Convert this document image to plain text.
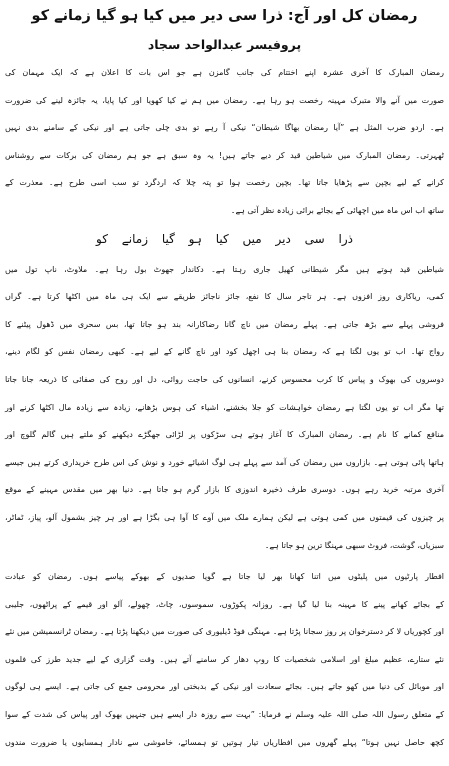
رمضان کل اور آج: ذرا سی دیر میں کیا ہو گیا زمانے کو
پروفیسر عبدالواحد سجاد
رمضان المبارک کا آخری عشرہ اپنے اختتام کی جانب گامزن ہے جو اس بات کا اعلان ہے کہ ایک مہمان کی
صورت میں آنے والا متبرک مہینہ رخصت ہو رہا ہے۔ رمضان میں ہم نے کیا کھویا اور کیا پایا، یہ جائزہ لینے کی ضرورت
ہے۔ اردو ضرب المثل ہے ”آیا رمضان بھاگا شیطان“ نیکی آ رہے تو بدی چلی جاتی ہے اور نیکی کے سامنے بدی نہیں
ٹھہرتی۔ رمضان المبارک میں شیاطین قید کر دیے جاتے ہیں! یہ وہ سبق ہے جو ہم رمضان کی برکات سے روشناس
کرانے کے لیے بچپن سے پڑھایا جاتا تھا۔ بچپن رخصت ہوا تو پتہ چلا کہ اردگرد تو سب اسی طرح ہے۔ معذرت کے
ساتھ اب اس ماہ میں اچھائی کے بجائے برائی زیادہ نظر آتی ہے۔
ذرا سی دیر میں کیا ہو گیا زمانے کو
شیاطین قید ہوتے ہیں مگر شیطانی کھیل جاری رہتا ہے۔ دکاندار جھوٹ بول رہا ہے۔ ملاوٹ، ناپ تول میں
کمی، ریاکاری روز افزوں ہے۔ ہر تاجر سال کا نفع، جائز ناجائز طریقے سے ایک ہی ماہ میں اکٹھا کرتا ہے۔ گراں
فروشی پہلے سے بڑھ جاتی ہے۔ پہلے رمضان میں ناچ گانا رضاکارانہ بند ہو جاتا تھا، بس سحری میں ڈھول پیٹنے کا
رواج تھا۔ اب تو یوں لگتا ہے کہ رمضان بنا ہی اچھل کود اور ناچ گانے کے لیے ہے۔ کبھی رمضان نفس کو لگام دینے،
دوسروں کی بھوک و پیاس کا کرب محسوس کرنے، انسانوں کی حاجت روائی، دل اور روح کی صفائی کا ذریعہ جانا جاتا
تھا مگر اب تو یوں لگتا ہے رمضان خواہشات کو جلا بخشنے، اشیاء کی ہوس بڑھانے، زیادہ سے زیادہ مال اکٹھا کرنے اور
منافع کمانے کا نام ہے۔ رمضان المبارک کا آغاز ہوتے ہی سڑکوں پر لڑائی جھگڑے دیکھنے کو ملتے ہیں گالم گلوچ اور
ہاتھا پائی ہوتی ہے۔ بازاروں میں رمضان کی آمد سے پہلے ہی لوگ اشیائے خورد و نوش کی اس طرح خریداری کرتے ہیں جیسے
آخری مرتبہ خرید رہے ہوں۔ دوسری طرف ذخیرہ اندوزی کا بازار گرم ہو جاتا ہے۔ دنیا بھر میں مقدس مہینے کے موقع
پر چیزوں کی قیمتوں میں کمی ہوتی ہے لیکن ہمارے ملک میں آوے کا آوا ہی بگڑا ہے اور ہر چیز بشمول آلو، پیاز، ٹماٹر،
سبزیاں، گوشت، فروٹ سبھی مہنگا ترین ہو جاتا ہے۔
افطار پارٹیوں میں پلیٹوں میں اتنا کھانا بھر لیا جاتا ہے گویا صدیوں کے بھوکے پیاسے ہوں۔ رمضان کو عبادت
کے بجائے کھانے پینے کا مہینہ بنا لیا گیا ہے۔ روزانہ پکوڑوں، سموسوں، چاٹ، چھولے، آلو اور قیمے کے پراٹھوں، جلیبی
اور کچوریاں لا کر دسترخوان پر روز سجانا پڑتا ہے۔ مہنگی فوڈ ڈیلیوری کی صورت میں دیکھنا پڑتا ہے۔ رمضان ٹرانسمیشن میں نئے
نئے ستارے، عظیم مبلغ اور اسلامی شخصیات کا روپ دھار کر سامنے آتے ہیں۔ وقت گزاری کے لیے جدید طرز کی فلموں
اور موبائل کی دنیا میں کھو جاتے ہیں۔ بجائے سعادت اور نیکی کے بدبختی اور محرومی جمع کی جاتی ہے۔ ایسے ہی لوگوں
کے متعلق رسول اللہ صلی اللہ علیہ وسلم نے فرمایا: ”بہت سے روزہ دار ایسے ہیں جنہیں بھوک اور پیاس کی شدت کے سوا
کچھ حاصل نہیں ہوتا“ پہلے گھروں میں افطاریاں تیار ہوتیں تو ہمسائے، خاموشی سے نادار ہمسایوں یا ضرورت مندوں
